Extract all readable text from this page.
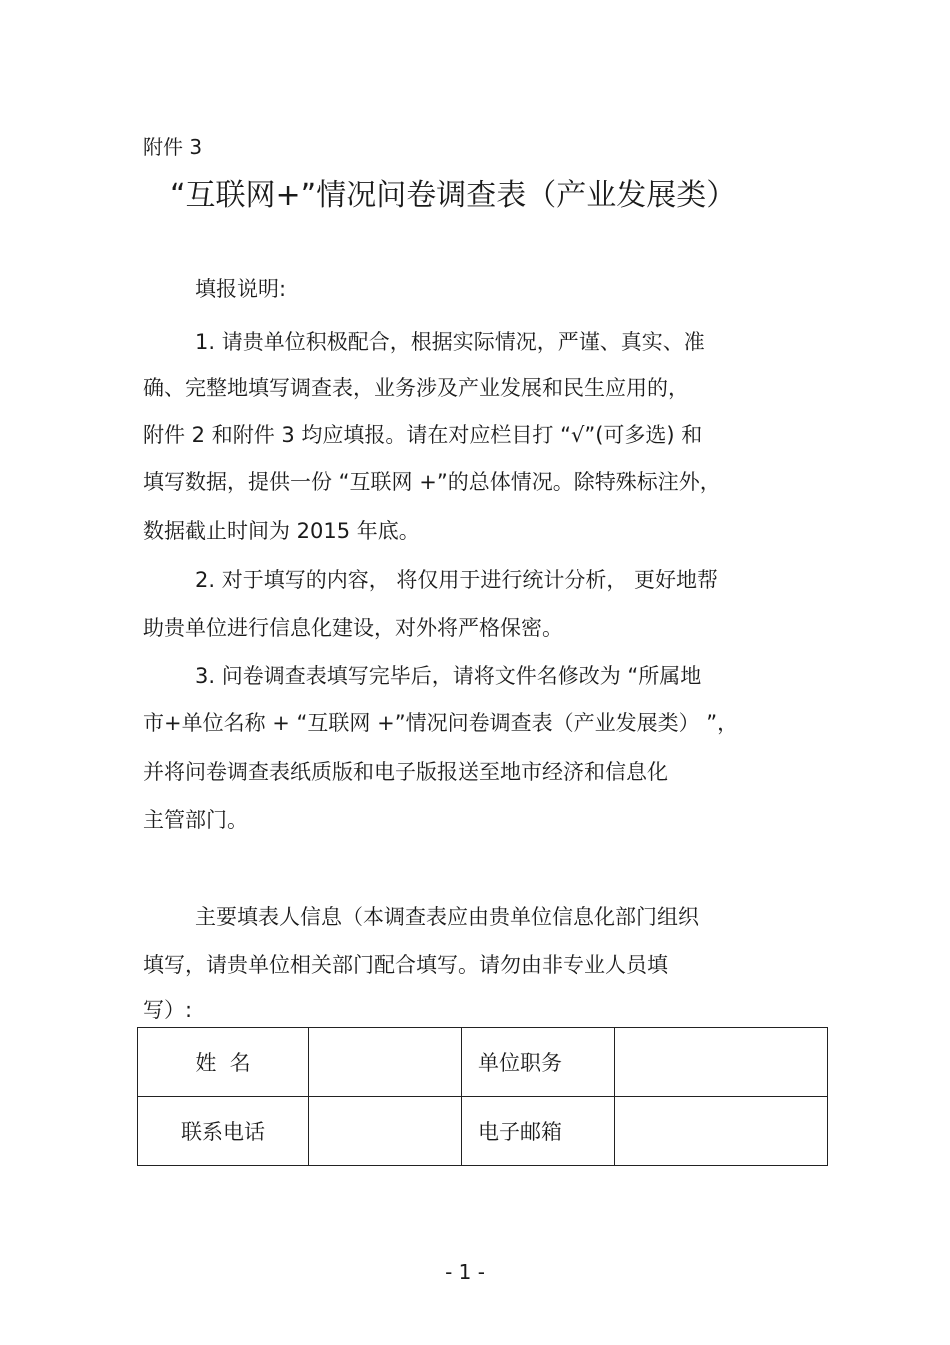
附件 3
“互联网+”情况问卷调查表（产业发展类）
填报说明:
1. 请贵单位积极配合，根据实际情况，严谨、真实、准
确、完整地填写调查表，业务涉及产业发展和民生应用的，
附件 2 和附件 3 均应填报。请在对应栏目打 “√”(可多选) 和
填写数据，提供一份 “互联网 +”的总体情况。除特殊标注外，
数据截止时间为 2015 年底。
2. 对于填写的内容， 将仅用于进行统计分析， 更好地帮
助贵单位进行信息化建设，对外将严格保密。
3. 问卷调查表填写完毕后，请将文件名修改为 “所属地
市+单位名称 + “互联网 +”情况问卷调查表（产业发展类） ”，
并将问卷调查表纸质版和电子版报送至地市经济和信息化
主管部门。
主要填表人信息（本调查表应由贵单位信息化部门组织
填写，请贵单位相关部门配合填写。请勿由非专业人员填
写）:
姓  名		单位职务	
联系电话		电子邮箱	
- 1 -
